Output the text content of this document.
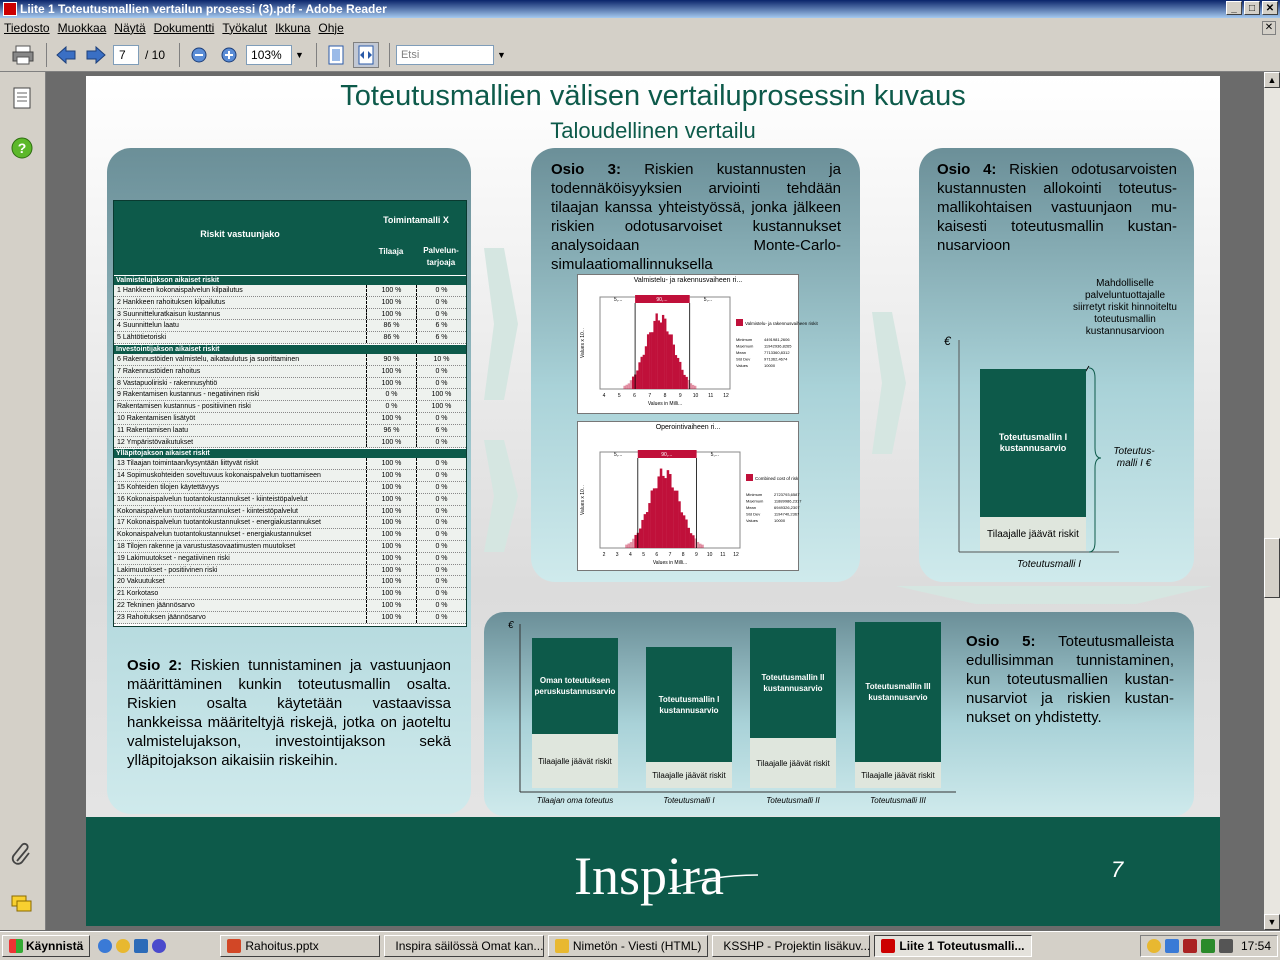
Liite 1 Toteutusmallien vertailun prosessi (3).pdf - Adobe Reader	_	□	✕
Tiedosto Muokkaa Näytä Dokumentti Työkalut Ikkuna Ohje	✕
7	/ 10	103%	▼	Etsi	▼
?
▲
▼
Toteutusmallien välisen vertailuprosessin kuvaus
Taloudellinen vertailu
Osio 2: Riskien tunnistaminen ja vastuunjaon määrittäminen kunkin toteutusmallin osalta. Riskien osalta käytetään vastaavissa hankkeissa määriteltyjä riskejä, jotka on jaoteltu valmistelujakson, investointijakson sekä ylläpitojakson aikaisiin riskeihin.
Riskit vastuunjako
Toimintamalli X
Tilaaja	Palvelun-tarjoaja
Valmistelujakson aikaiset riskit
1 Hankkeen kokonaispalvelun kilpailutus	100 %	0 %
2 Hankkeen rahoituksen kilpailutus	100 %	0 %
3 Suunnitteluratkaisun kustannus	100 %	0 %
4 Suunnittelun laatu	86 %	6 %
5 Lähtötietoriski	86 %	6 %
Investointijakson aikaiset riskit
6 Rakennustöiden valmistelu, aikataulutus ja suorittaminen	90 %	10 %
7 Rakennustöiden rahoitus	100 %	0 %
8 Vastapuoliriski - rakennusyhtiö	100 %	0 %
9 Rakentamisen kustannus - negatiivinen riski	0 %	100 %
Rakentamisen kustannus - positiivinen riski	0 %	100 %
10 Rakentamisen lisätyöt	100 %	0 %
11 Rakentamisen laatu	96 %	6 %
12 Ympäristövaikutukset	100 %	0 %
Ylläpitojakson aikaiset riskit
13 Tilaajan toimintaan/kysyntään liittyvät riskit	100 %	0 %
14 Sopimuskohteiden soveltuvuus kokonaispalvelun tuottamiseen	100 %	0 %
15 Kohteiden tilojen käytettävyys	100 %	0 %
16 Kokonaispalvelun tuotantokustannukset - kiinteistöpalvelut	100 %	0 %
Kokonaispalvelun tuotantokustannukset - kiinteistöpalvelut	100 %	0 %
17 Kokonaispalvelun tuotantokustannukset - energiakustannukset	100 %	0 %
Kokonaispalvelun tuotantokustannukset - energiakustannukset	100 %	0 %
18 Tilojen rakenne ja varustustasovaatimusten muutokset	100 %	0 %
19 Lakimuutokset - negatiivinen riski	100 %	0 %
Lakimuutokset - positiivinen riski	100 %	0 %
20 Vakuutukset	100 %	0 %
21 Korkotaso	100 %	0 %
22 Tekninen jäännösarvo	100 %	0 %
23 Rahoituksen jäännösarvo	100 %	0 %
Osio 3: Riskien kustannusten ja todennäköisyyksien arviointi tehdään tilaajan kanssa yhteistyössä, jonka jälkeen riskien odotusarvoiset kustannukset analysoidaan Monte-Carlo-simulaatiomallinnuksella
Valmistelu- ja rakennusvaiheen ri...
5,...	90,...	5,...
4 5 6 7 8 9 10 11 12
Values in Milli...
Values x 10...
Valmistelu- ja rakennusvaiheen riskit
Minimum	4491981,2606
Maximum	11942936,8265
Mean	7713360,8312
Std Dev	971362,4674
Values	10000
Operointivaiheen ri...
5,...	90,...	5,...
2 3 4 5 6 7 8 9 10 11 12
Values in Milli...
Values x 10...
Combined cost of risk
Minimum	2723793,6587
Maximum	11889986,2317
Mean	6949326,2307
Std Dev	1194740,2367
Values	10000
Osio 4: Riskien odotusarvoisten kustannusten allokointi toteutus-mallikohtaisen vastuunjaon mu-kaisesti toteutusmallin kustan-nusarvioon
Mahdolliselle palveluntuottajalle siirretyt riskit hinnoiteltu toteutusmallin kustannusarvioon
€
Toteutusmallin I kustannusarvio
Tilaajalle jäävät riskit
Toteutus-malli I €
Toteutusmalli I
€
Oman toteutuksen peruskustannusarvio
Tilaajalle jäävät riskit
Tilaajan oma toteutus
Toteutusmallin I kustannusarvio
Tilaajalle jäävät riskit
Toteutusmalli I
Toteutusmallin II kustannusarvio
Tilaajalle jäävät riskit
Toteutusmalli II
Toteutusmallin III kustannusarvio
Tilaajalle jäävät riskit
Toteutusmalli III
Osio 5: Toteutusmalleista edullisimman tunnistaminen, kun toteutusmallien kustan-nusarviot ja riskien kustan-nukset on yhdistetty.
Inspira	7
Käynnistä	Rahoitus.pptx	Inspira säilössä Omat kan... Nimetön - Viesti (HTML) KSSHP - Projektin lisäkuv... Liite 1 Toteutusmalli...	17:54
